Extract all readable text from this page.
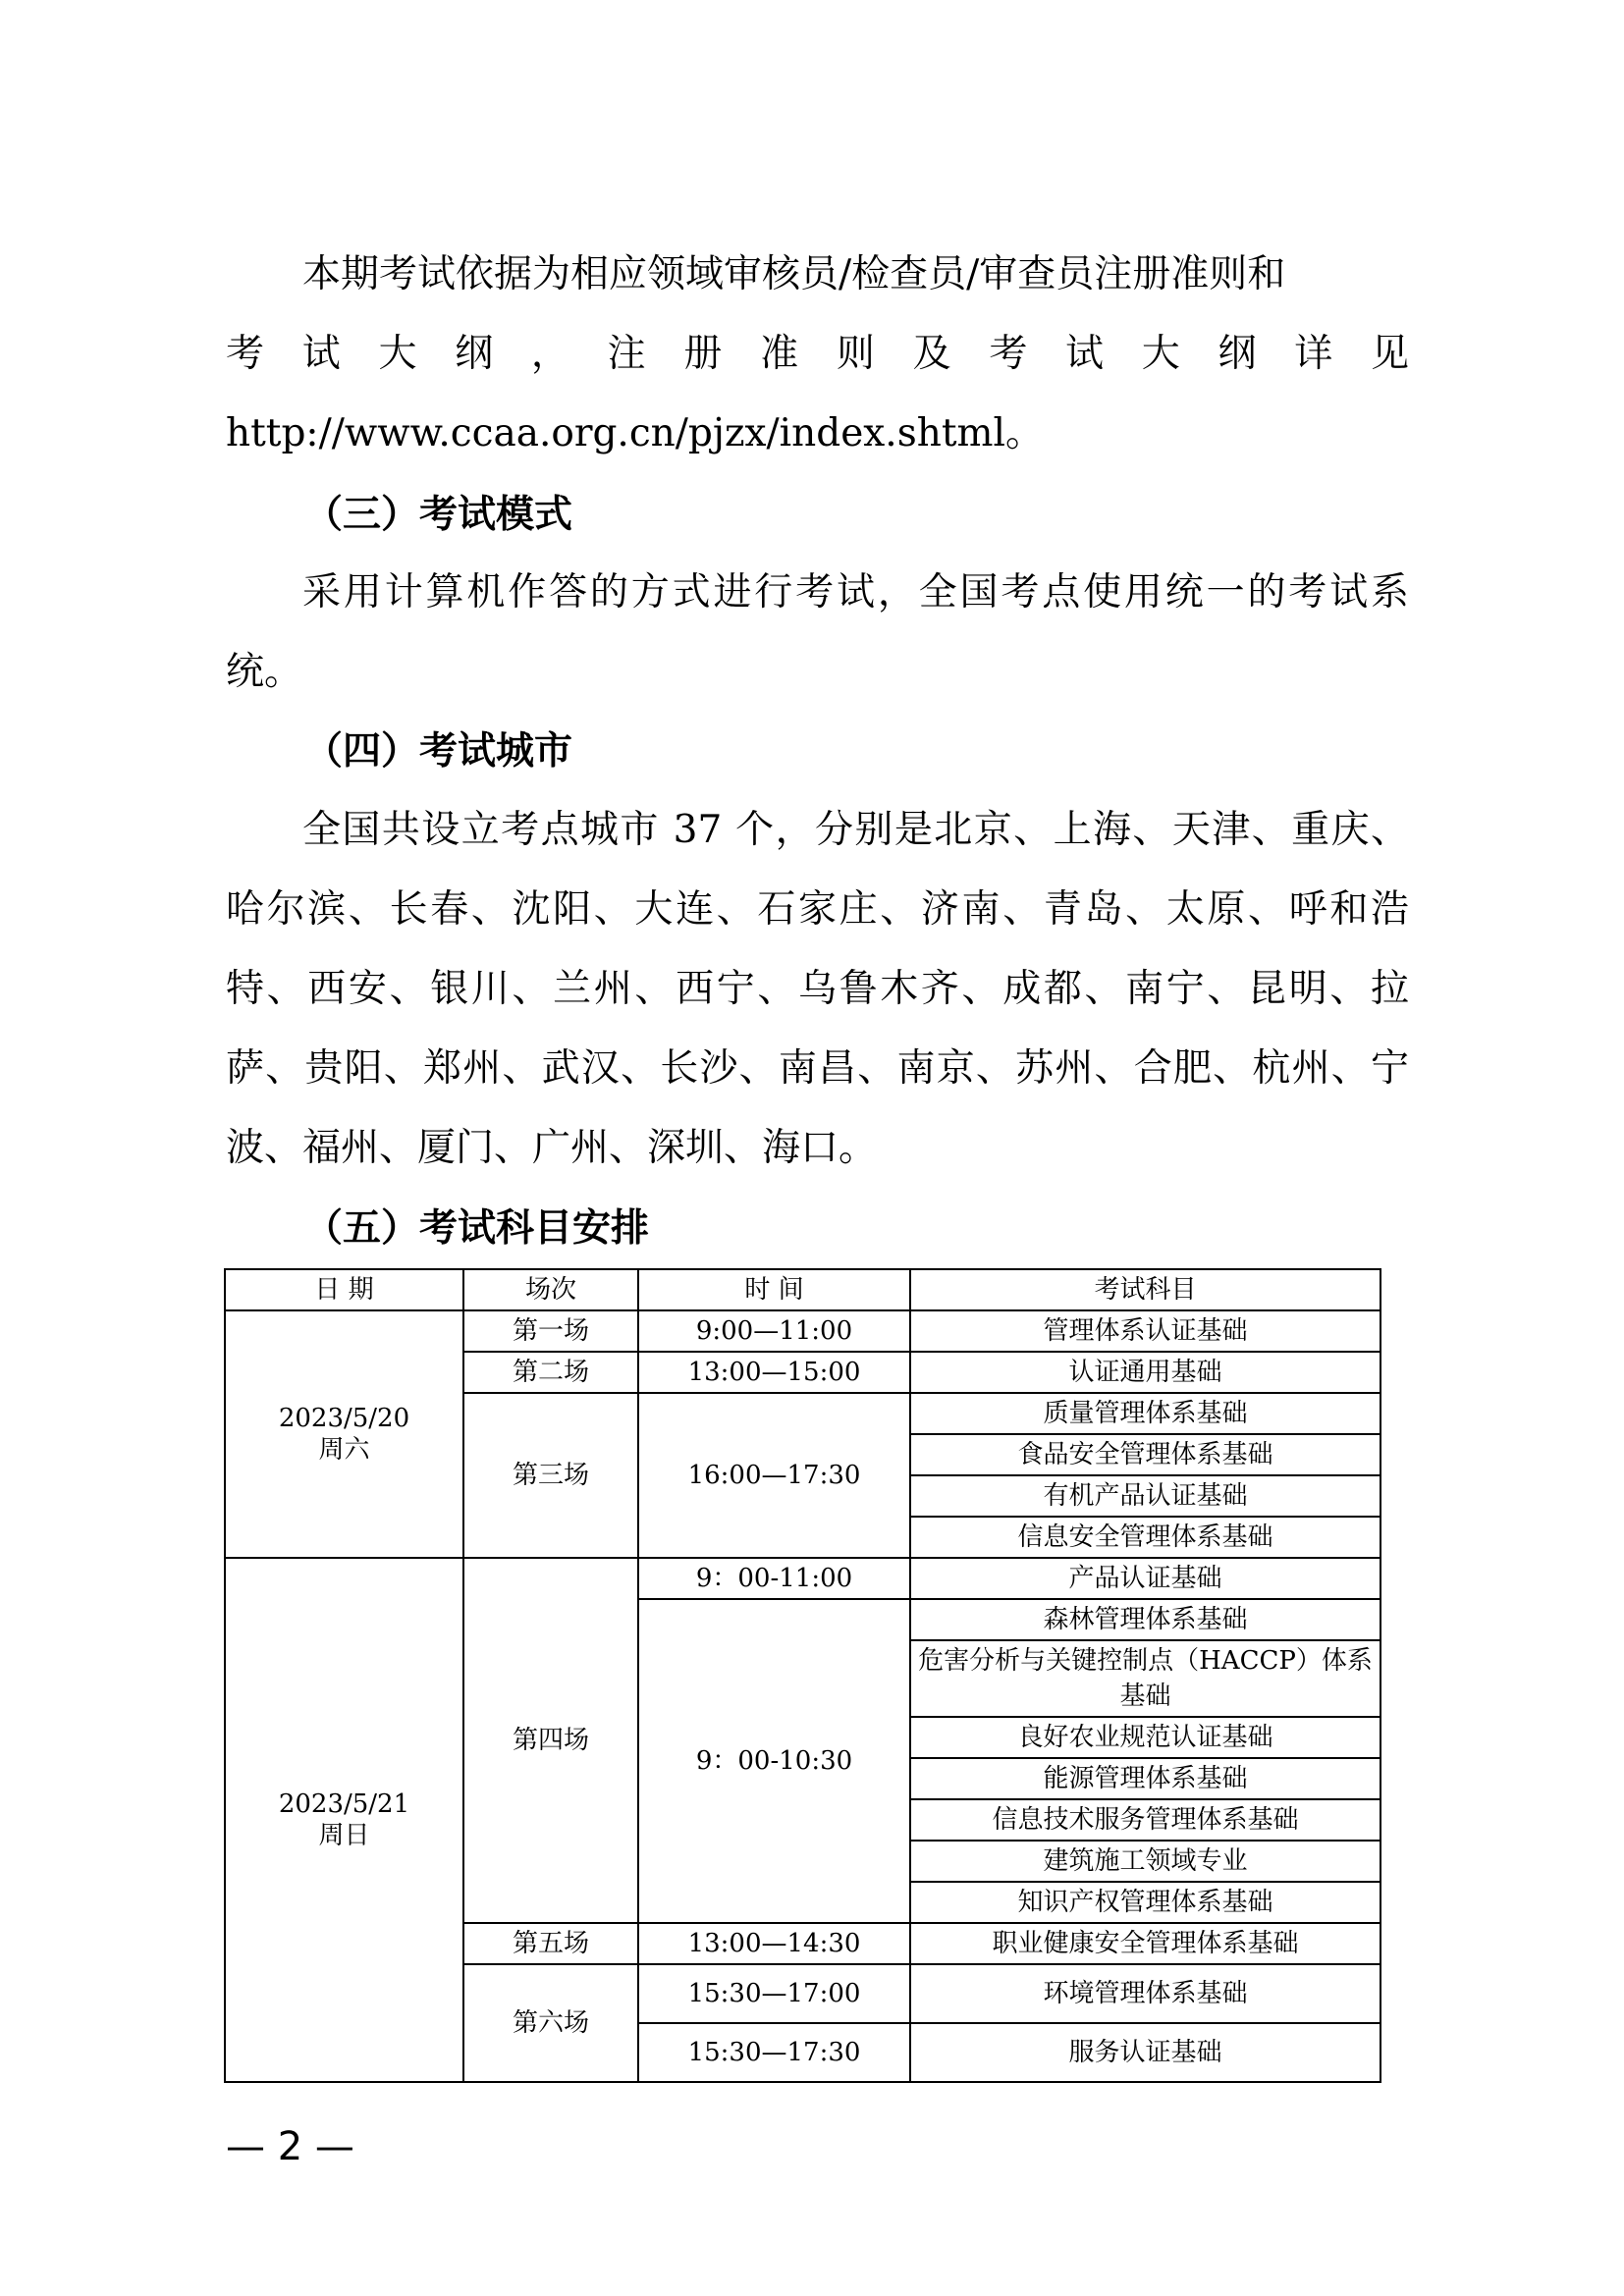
本期考试依据为相应领域审核员/检查员/审查员注册准则和

考试大纲，注册准则及考试大纲详见
http://www.ccaa.org.cn/pjzx/index.shtml。

（三）考试模式

采用计算机作答的方式进行考试，全国考点使用统一的考试系统。

（四）考试城市

全国共设立考点城市 37 个，分别是北京、上海、天津、重庆、哈尔滨、长春、沈阳、大连、石家庄、济南、青岛、太原、呼和浩特、西安、银川、兰州、西宁、乌鲁木齐、成都、南宁、昆明、拉萨、贵阳、郑州、武汉、长沙、南昌、南京、苏州、合肥、杭州、宁波、福州、厦门、广州、深圳、海口。

（五）考试科目安排

日 期	场次	时 间	考试科目
2023/5/20
周六	第一场	9:00—11:00	管理体系认证基础
	第二场	13:00—15:00	认证通用基础
	第三场	16:00—17:30	质量管理体系基础
			食品安全管理体系基础
			有机产品认证基础
			信息安全管理体系基础
2023/5/21
周日	第四场	9：00-11:00	产品认证基础
		9：00-10:30	森林管理体系基础
			危害分析与关键控制点（HACCP）体系基础
			良好农业规范认证基础
			能源管理体系基础
			信息技术服务管理体系基础
			建筑施工领域专业
			知识产权管理体系基础
	第五场	13:00—14:30	职业健康安全管理体系基础
	第六场	15:30—17:00	环境管理体系基础
		15:30—17:30	服务认证基础

— 2 —
